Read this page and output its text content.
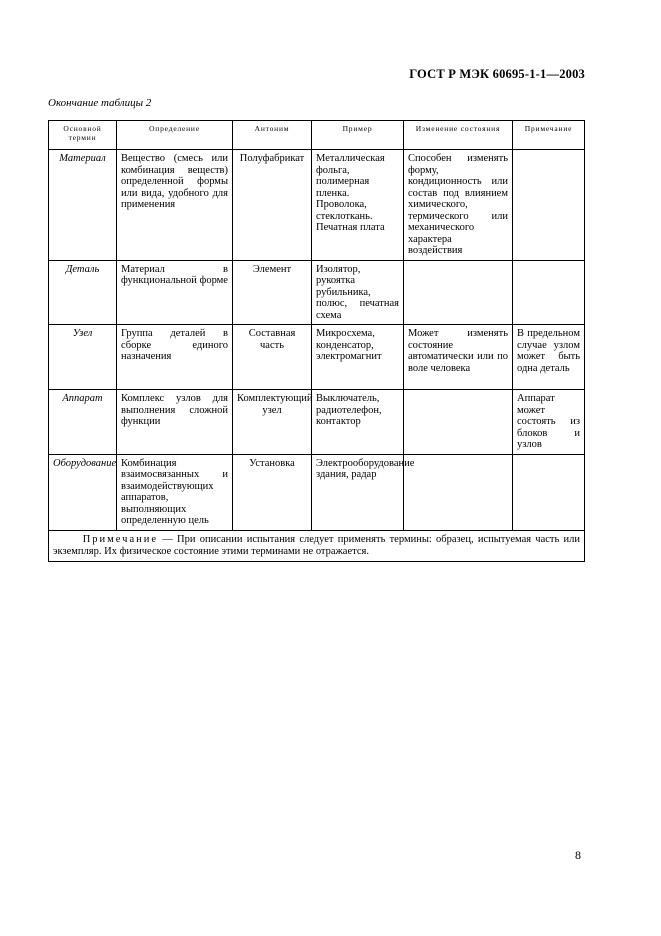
ГОСТ Р МЭК 60695-1-1—2003
Окончание таблицы 2
Основной термин	Определение	Антоним	Пример	Изменение состояния	Примечание
Материал	Вещество (смесь или комбинация веществ) определенной формы или вида, удобного для применения	Полуфабрикат	Металлическая фольга, полимерная пленка. Проволока, стеклоткань. Печатная плата	Способен изменять форму, кондиционность или состав под влиянием химического, термического или механического характера воздействия	
Деталь	Материал в функциональной форме	Элемент	Изолятор, рукоятка рубильника, полюс, печатная схема		
Узел	Группа деталей в сборке единого назначения	Составная часть	Микросхема, конденсатор, электромагнит	Может изменять состояние автоматически или по воле человека	В предельном случае узлом может быть одна деталь
Аппарат	Комплекс узлов для выполнения сложной функции	Комплектующий узел	Выключатель, радиотелефон, контактор		Аппарат может состоять из блоков и узлов
Оборудование	Комбинация взаимосвязанных и взаимодействующих аппаратов, выполняющих определенную цель	Установка	Электрооборудование здания, радар		
Примечание — При описании испытания следует применять термины: образец, испытуемая часть или экземпляр. Их физическое состояние этими терминами не отражается.					
8
